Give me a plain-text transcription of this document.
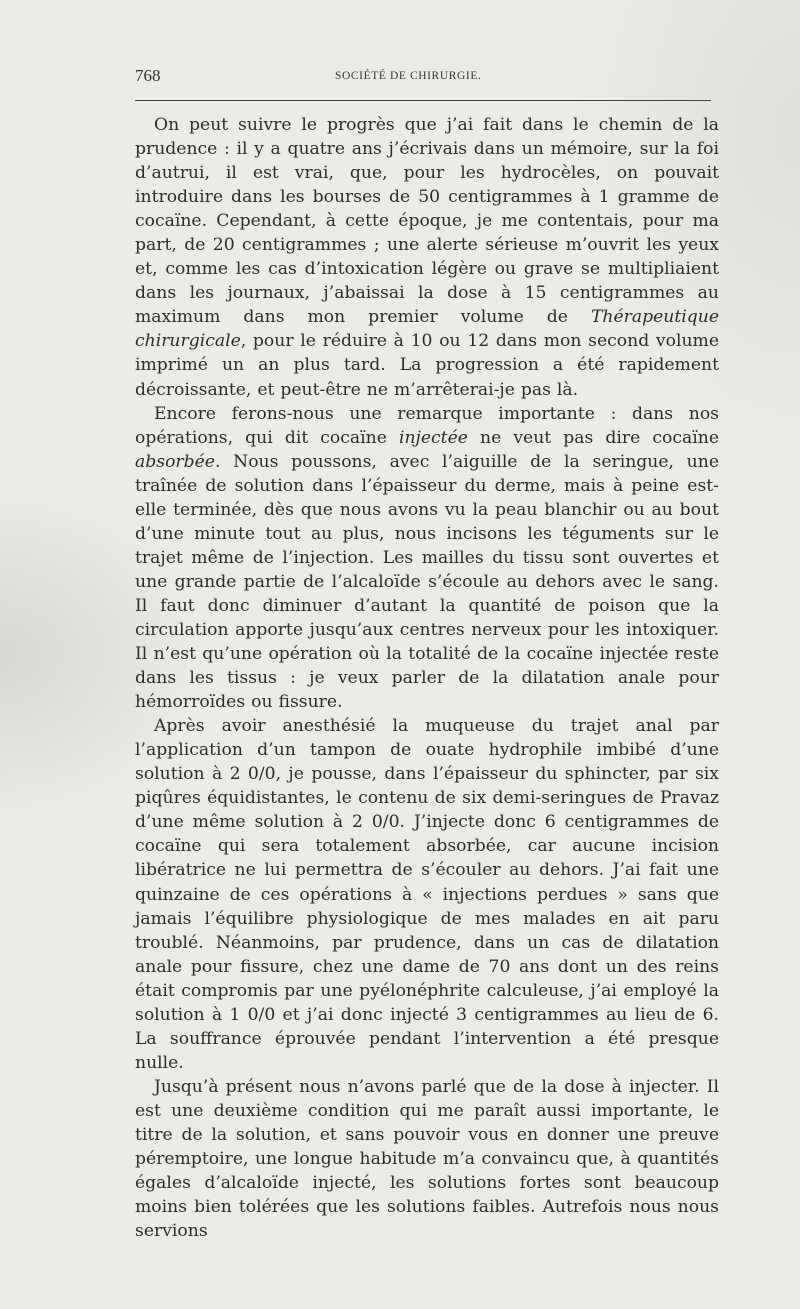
768	SOCIÉTÉ DE CHIRURGIE.

On peut suivre le progrès que j’ai fait dans le chemin de la prudence : il y a quatre ans j’écrivais dans un mémoire, sur la foi d’autrui, il est vrai, que, pour les hydrocèles, on pouvait introduire dans les bourses de 50 centigrammes à 1 gramme de cocaïne. Cependant, à cette époque, je me contentais, pour ma part, de 20 centigrammes ; une alerte sérieuse m’ouvrit les yeux et, comme les cas d’intoxication légère ou grave se multipliaient dans les journaux, j’abaissai la dose à 15 centigrammes au maximum dans mon premier volume de Thérapeutique chirurgicale, pour le réduire à 10 ou 12 dans mon second volume imprimé un an plus tard. La progression a été rapidement décroissante, et peut-être ne m’arrêterai-je pas là.

Encore ferons-nous une remarque importante : dans nos opérations, qui dit cocaïne injectée ne veut pas dire cocaïne absorbée. Nous poussons, avec l’aiguille de la seringue, une traînée de solution dans l’épaisseur du derme, mais à peine est-elle terminée, dès que nous avons vu la peau blanchir ou au bout d’une minute tout au plus, nous incisons les téguments sur le trajet même de l’injection. Les mailles du tissu sont ouvertes et une grande partie de l’alcaloïde s’écoule au dehors avec le sang. Il faut donc diminuer d’autant la quantité de poison que la circulation apporte jusqu’aux centres nerveux pour les intoxiquer. Il n’est qu’une opération où la totalité de la cocaïne injectée reste dans les tissus : je veux parler de la dilatation anale pour hémorroïdes ou fissure.

Après avoir anesthésié la muqueuse du trajet anal par l’application d’un tampon de ouate hydrophile imbibé d’une solution à 2 0/0, je pousse, dans l’épaisseur du sphincter, par six piqûres équidistantes, le contenu de six demi-seringues de Pravaz d’une même solution à 2 0/0. J’injecte donc 6 centigrammes de cocaïne qui sera totalement absorbée, car aucune incision libératrice ne lui permettra de s’écouler au dehors. J’ai fait une quinzaine de ces opérations à « injections perdues » sans que jamais l’équilibre physiologique de mes malades en ait paru troublé. Néanmoins, par prudence, dans un cas de dilatation anale pour fissure, chez une dame de 70 ans dont un des reins était compromis par une pyélonéphrite calculeuse, j’ai employé la solution à 1 0/0 et j’ai donc injecté 3 centigrammes au lieu de 6. La souffrance éprouvée pendant l’intervention a été presque nulle.

Jusqu’à présent nous n’avons parlé que de la dose à injecter. Il est une deuxième condition qui me paraît aussi importante, le titre de la solution, et sans pouvoir vous en donner une preuve péremptoire, une longue habitude m’a convaincu que, à quantités égales d’alcaloïde injecté, les solutions fortes sont beaucoup moins bien tolérées que les solutions faibles. Autrefois nous nous servions
